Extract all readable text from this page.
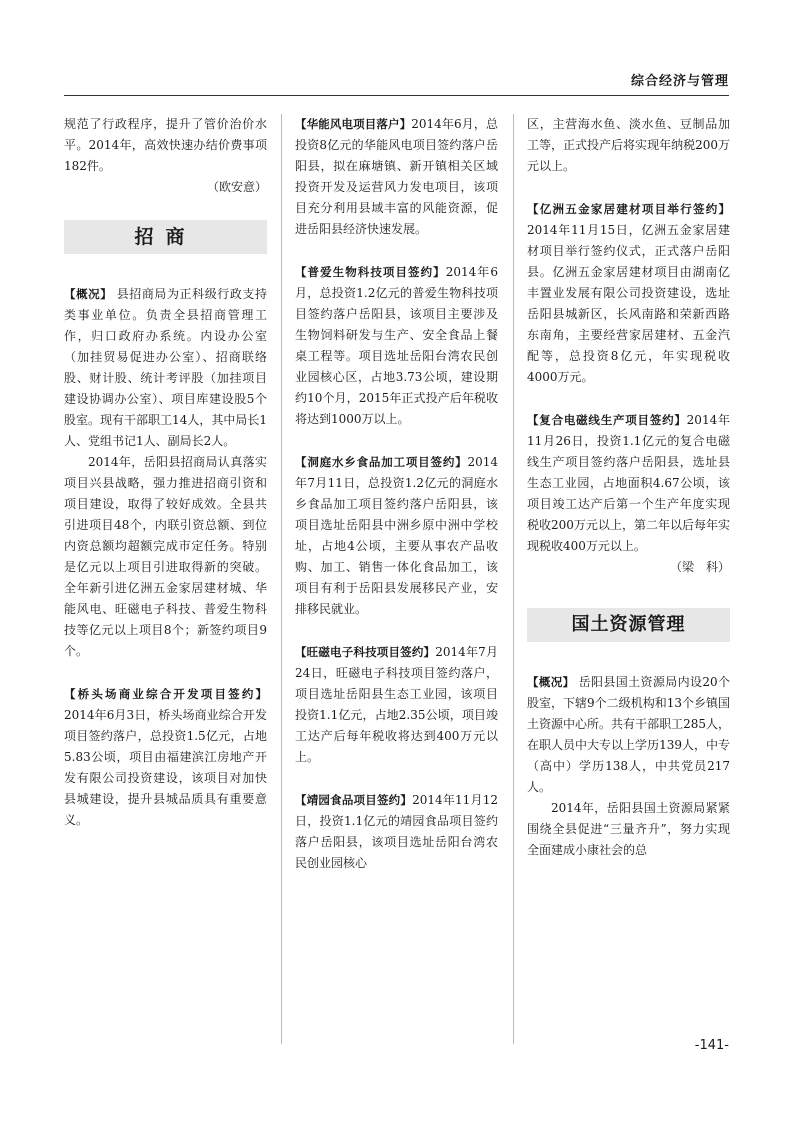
综合经济与管理

规范了行政程序，提升了管价治价水平。2014年，高效快速办结价费事项182件。

（欧安意）

招商

【概况】 县招商局为正科级行政支持类事业单位。负责全县招商管理工作，归口政府办系统。内设办公室（加挂贸易促进办公室）、招商联络股、财计股、统计考评股（加挂项目建设协调办公室）、项目库建设股5个股室。现有干部职工14人，其中局长1人、党组书记1人、副局长2人。

2014年，岳阳县招商局认真落实项目兴县战略，强力推进招商引资和项目建设，取得了较好成效。全县共引进项目48个，内联引资总额、到位内资总额均超额完成市定任务。特别是亿元以上项目引进取得新的突破。全年新引进亿洲五金家居建材城、华能风电、旺磁电子科技、普爱生物科技等亿元以上项目8个；新签约项目9个。

【桥头场商业综合开发项目签约】2014年6月3日，桥头场商业综合开发项目签约落户，总投资1.5亿元，占地5.83公顷，项目由福建滨江房地产开发有限公司投资建设，该项目对加快县城建设，提升县城品质具有重要意义。

【华能风电项目落户】2014年6月，总投资8亿元的华能风电项目签约落户岳阳县，拟在麻塘镇、新开镇相关区域投资开发及运营风力发电项目，该项目充分利用县域丰富的风能资源，促进岳阳县经济快速发展。

【普爱生物科技项目签约】2014年6月，总投资1.2亿元的普爱生物科技项目签约落户岳阳县，该项目主要涉及生物饲料研发与生产、安全食品上餐桌工程等。项目选址岳阳台湾农民创业园核心区，占地3.73公顷，建设期约10个月，2015年正式投产后年税收将达到1000万以上。

【洞庭水乡食品加工项目签约】2014年7月11日，总投资1.2亿元的洞庭水乡食品加工项目签约落户岳阳县，该项目选址岳阳县中洲乡原中洲中学校址，占地4公顷，主要从事农产品收购、加工、销售一体化食品加工，该项目有利于岳阳县发展移民产业，安排移民就业。

【旺磁电子科技项目签约】2014年7月24日，旺磁电子科技项目签约落户，项目选址岳阳县生态工业园，该项目投资1.1亿元，占地2.35公顷，项目竣工达产后每年税收将达到400万元以上。

【靖园食品项目签约】2014年11月12日，投资1.1亿元的靖园食品项目签约落户岳阳县，该项目选址岳阳台湾农民创业园核心

区，主营海水鱼、淡水鱼、豆制品加工等，正式投产后将实现年纳税200万元以上。

【亿洲五金家居建材项目举行签约】2014年11月15日，亿洲五金家居建材项目举行签约仪式，正式落户岳阳县。亿洲五金家居建材项目由湖南亿丰置业发展有限公司投资建设，选址岳阳县城新区，长风南路和荣新西路东南角，主要经营家居建材、五金汽配等，总投资8亿元，年实现税收4000万元。

【复合电磁线生产项目签约】2014年11月26日，投资1.1亿元的复合电磁线生产项目签约落户岳阳县，选址县生态工业园，占地面积4.67公顷，该项目竣工达产后第一个生产年度实现税收200万元以上，第二年以后每年实现税收400万元以上。

（梁　科）

国土资源管理

【概况】 岳阳县国土资源局内设20个股室，下辖9个二级机构和13个乡镇国土资源中心所。共有干部职工285人，在职人员中大专以上学历139人，中专（高中）学历138人，中共党员217人。

2014年，岳阳县国土资源局紧紧围绕全县促进“三量齐升”，努力实现全面建成小康社会的总

-141-
